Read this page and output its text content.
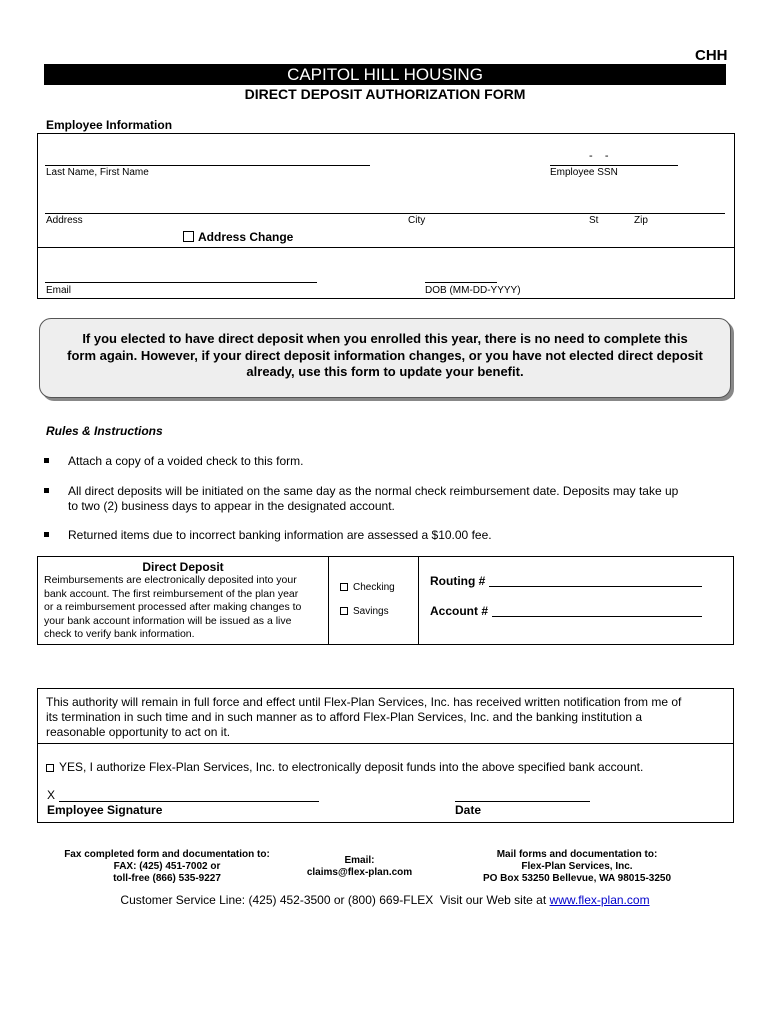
CHH
CAPITOL HILL HOUSING
DIRECT DEPOSIT AUTHORIZATION FORM
Employee Information
Last Name, First Name
-    -
Employee SSN
Address	City	St	Zip
Address Change
Email	DOB (MM-DD-YYYY)
If you elected to have direct deposit when you enrolled this year, there is no need to complete this
form again. However, if your direct deposit information changes, or you have not elected direct deposit
already, use this form to update your benefit.
Rules & Instructions
Attach a copy of a voided check to this form.
All direct deposits will be initiated on the same day as the normal check reimbursement date. Deposits may take up
to two (2) business days to appear in the designated account.
Returned items due to incorrect banking information are assessed a $10.00 fee.
Direct Deposit
Reimbursements are electronically deposited into your
bank account. The first reimbursement of the plan year
or a reimbursement processed after making changes to
your bank account information will be issued as a live
check to verify bank information.
Checking
Savings
Routing #
Account #
This authority will remain in full force and effect until Flex-Plan Services, Inc. has received written notification from me of
its termination in such time and in such manner as to afford Flex-Plan Services, Inc. and the banking institution a
reasonable opportunity to act on it.
YES, I authorize Flex-Plan Services, Inc. to electronically deposit funds into the above specified bank account.
X
Employee Signature	Date
Fax completed form and documentation to:
FAX: (425) 451-7002 or
toll-free (866) 535-9227
Email:
claims@flex-plan.com
Mail forms and documentation to:
Flex-Plan Services, Inc.
PO Box 53250 Bellevue, WA 98015-3250
Customer Service Line: (425) 452-3500 or (800) 669-FLEX  Visit our Web site at www.flex-plan.com
